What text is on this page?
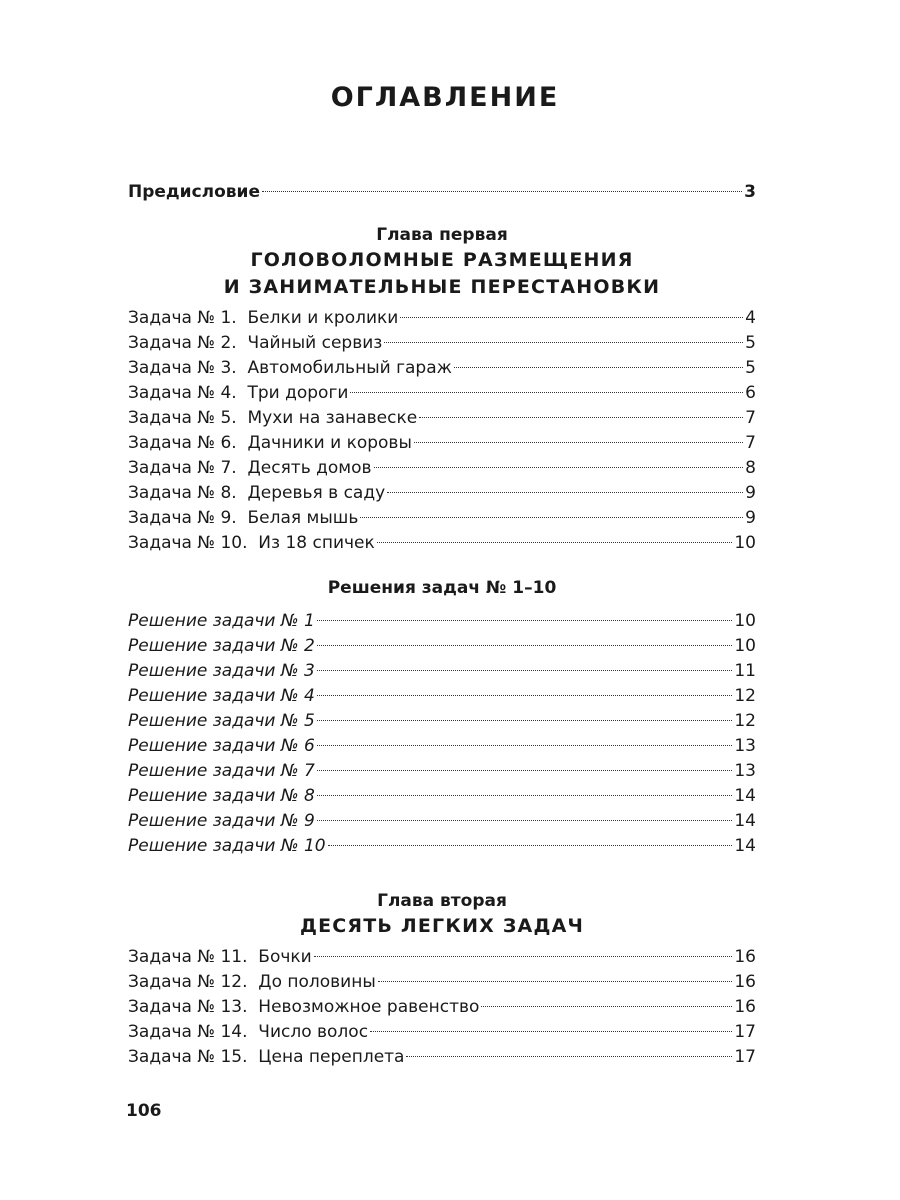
ОГЛАВЛЕНИЕ
Предисловие	3

Глава первая

ГОЛОВОЛОМНЫЕ РАЗМЕЩЕНИЯ

И ЗАНИМАТЕЛЬНЫЕ ПЕРЕСТАНОВКИ

Задача № 1. Белки и кролики	4
Задача № 2. Чайный сервиз	5
Задача № 3. Автомобильный гараж	5
Задача № 4. Три дороги	6
Задача № 5. Мухи на занавеске	7
Задача № 6. Дачники и коровы	7
Задача № 7. Десять домов	8
Задача № 8. Деревья в саду	9
Задача № 9. Белая мышь	9
Задача № 10. Из 18 спичек	10

Решения задач № 1–10

Решение задачи № 1	10
Решение задачи № 2	10
Решение задачи № 3	11
Решение задачи № 4	12
Решение задачи № 5	12
Решение задачи № 6	13
Решение задачи № 7	13
Решение задачи № 8	14
Решение задачи № 9	14
Решение задачи № 10	14

Глава вторая

ДЕСЯТЬ ЛЕГКИХ ЗАДАЧ

Задача № 11. Бочки	16
Задача № 12. До половины	16
Задача № 13. Невозможное равенство	16
Задача № 14. Число волос	17
Задача № 15. Цена переплета	17

106
